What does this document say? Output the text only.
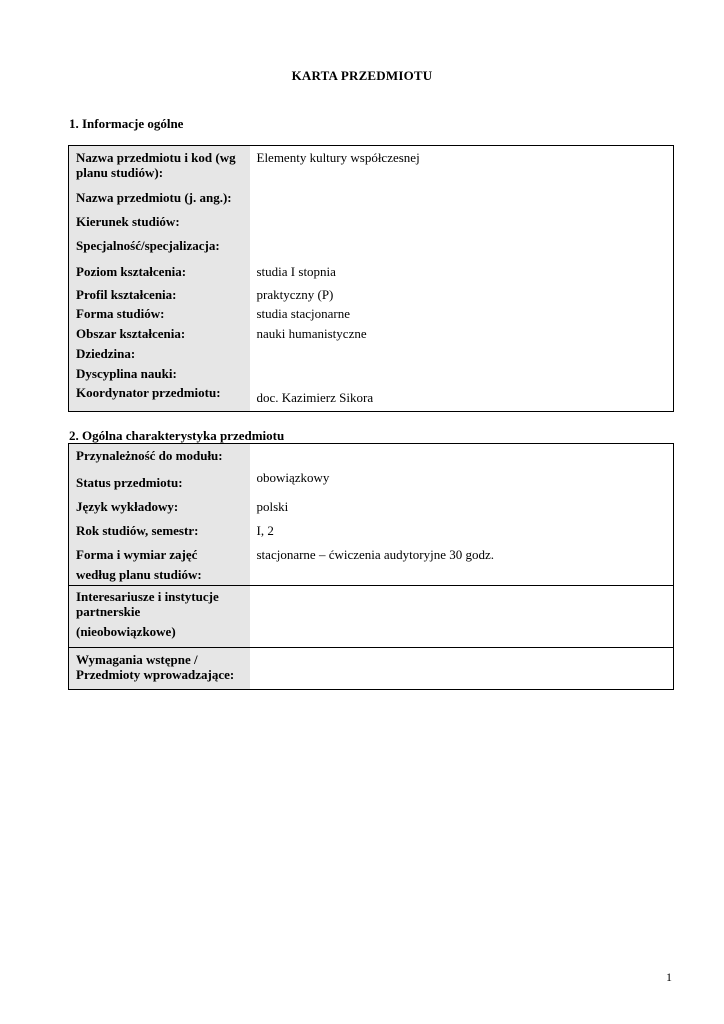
KARTA PRZEDMIOTU
1. Informacje ogólne
Nazwa przedmiotu i kod (wg planu studiów):	Elementy kultury współczesnej
Nazwa przedmiotu (j. ang.):	
Kierunek studiów:	
Specjalność/specjalizacja:	
Poziom kształcenia:	studia I stopnia
Profil kształcenia:	praktyczny (P)
Forma studiów:	studia stacjonarne
Obszar kształcenia:	nauki humanistyczne
Dziedzina:	
Dyscyplina nauki:	
Koordynator przedmiotu:	doc. Kazimierz Sikora
2. Ogólna charakterystyka przedmiotu
Przynależność do modułu:	
Status przedmiotu:	obowiązkowy
Język wykładowy:	polski
Rok studiów, semestr:	I, 2
Forma i wymiar zajęć
według planu studiów:	stacjonarne – ćwiczenia audytoryjne 30 godz.
Interesariusze i instytucje
partnerskie
(nieobowiązkowe)	

Wymagania wstępne /
Przedmioty wprowadzające:	
1
